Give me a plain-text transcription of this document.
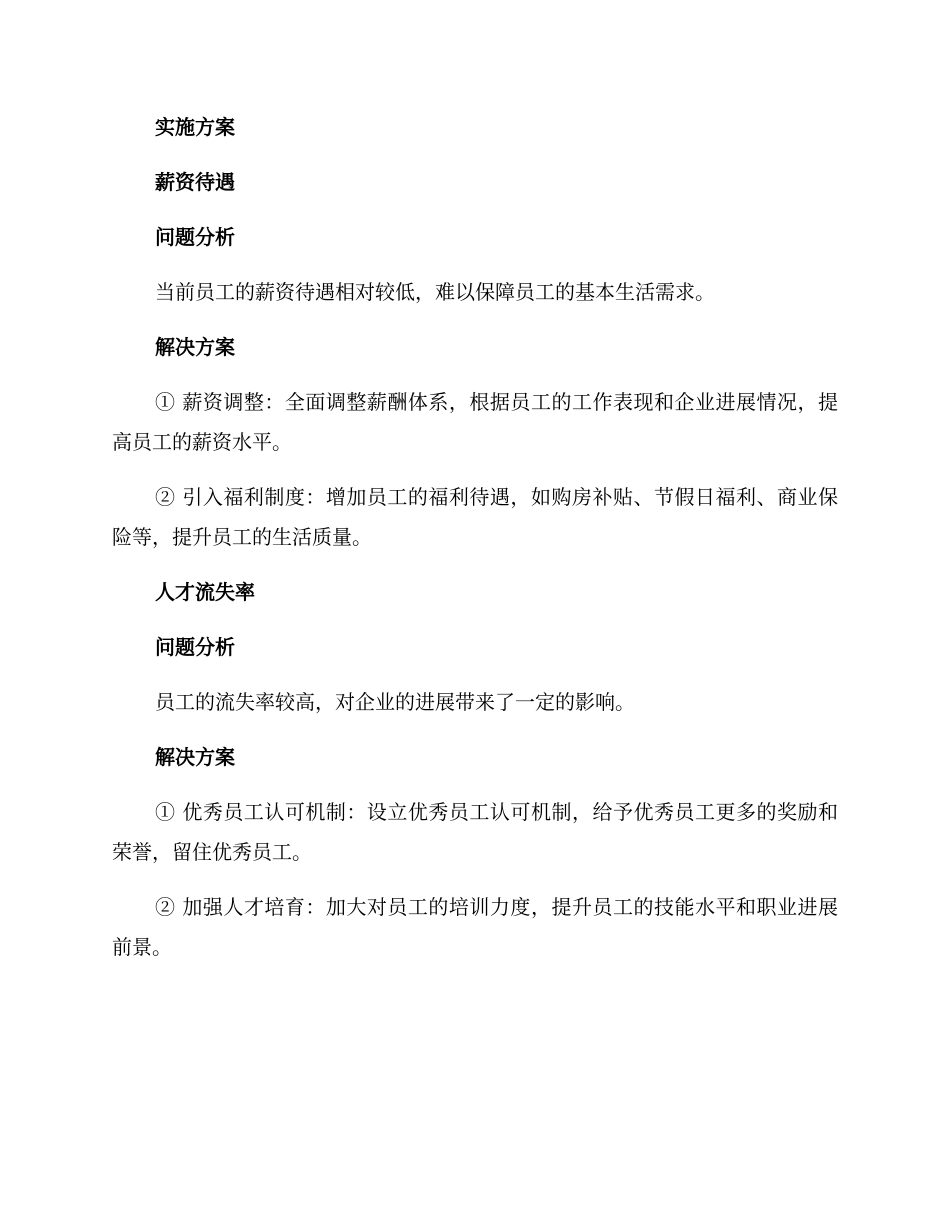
实施方案
薪资待遇
问题分析

当前员工的薪资待遇相对较低，难以保障员工的基本生活需求。

解决方案

① 薪资调整：全面调整薪酬体系，根据员工的工作表现和企业进展情况，提高员工的薪资水平。

② 引入福利制度：增加员工的福利待遇，如购房补贴、节假日福利、商业保险等，提升员工的生活质量。

人才流失率
问题分析

员工的流失率较高，对企业的进展带来了一定的影响。

解决方案

① 优秀员工认可机制：设立优秀员工认可机制，给予优秀员工更多的奖励和荣誉，留住优秀员工。

② 加强人才培育：加大对员工的培训力度，提升员工的技能水平和职业进展前景。
